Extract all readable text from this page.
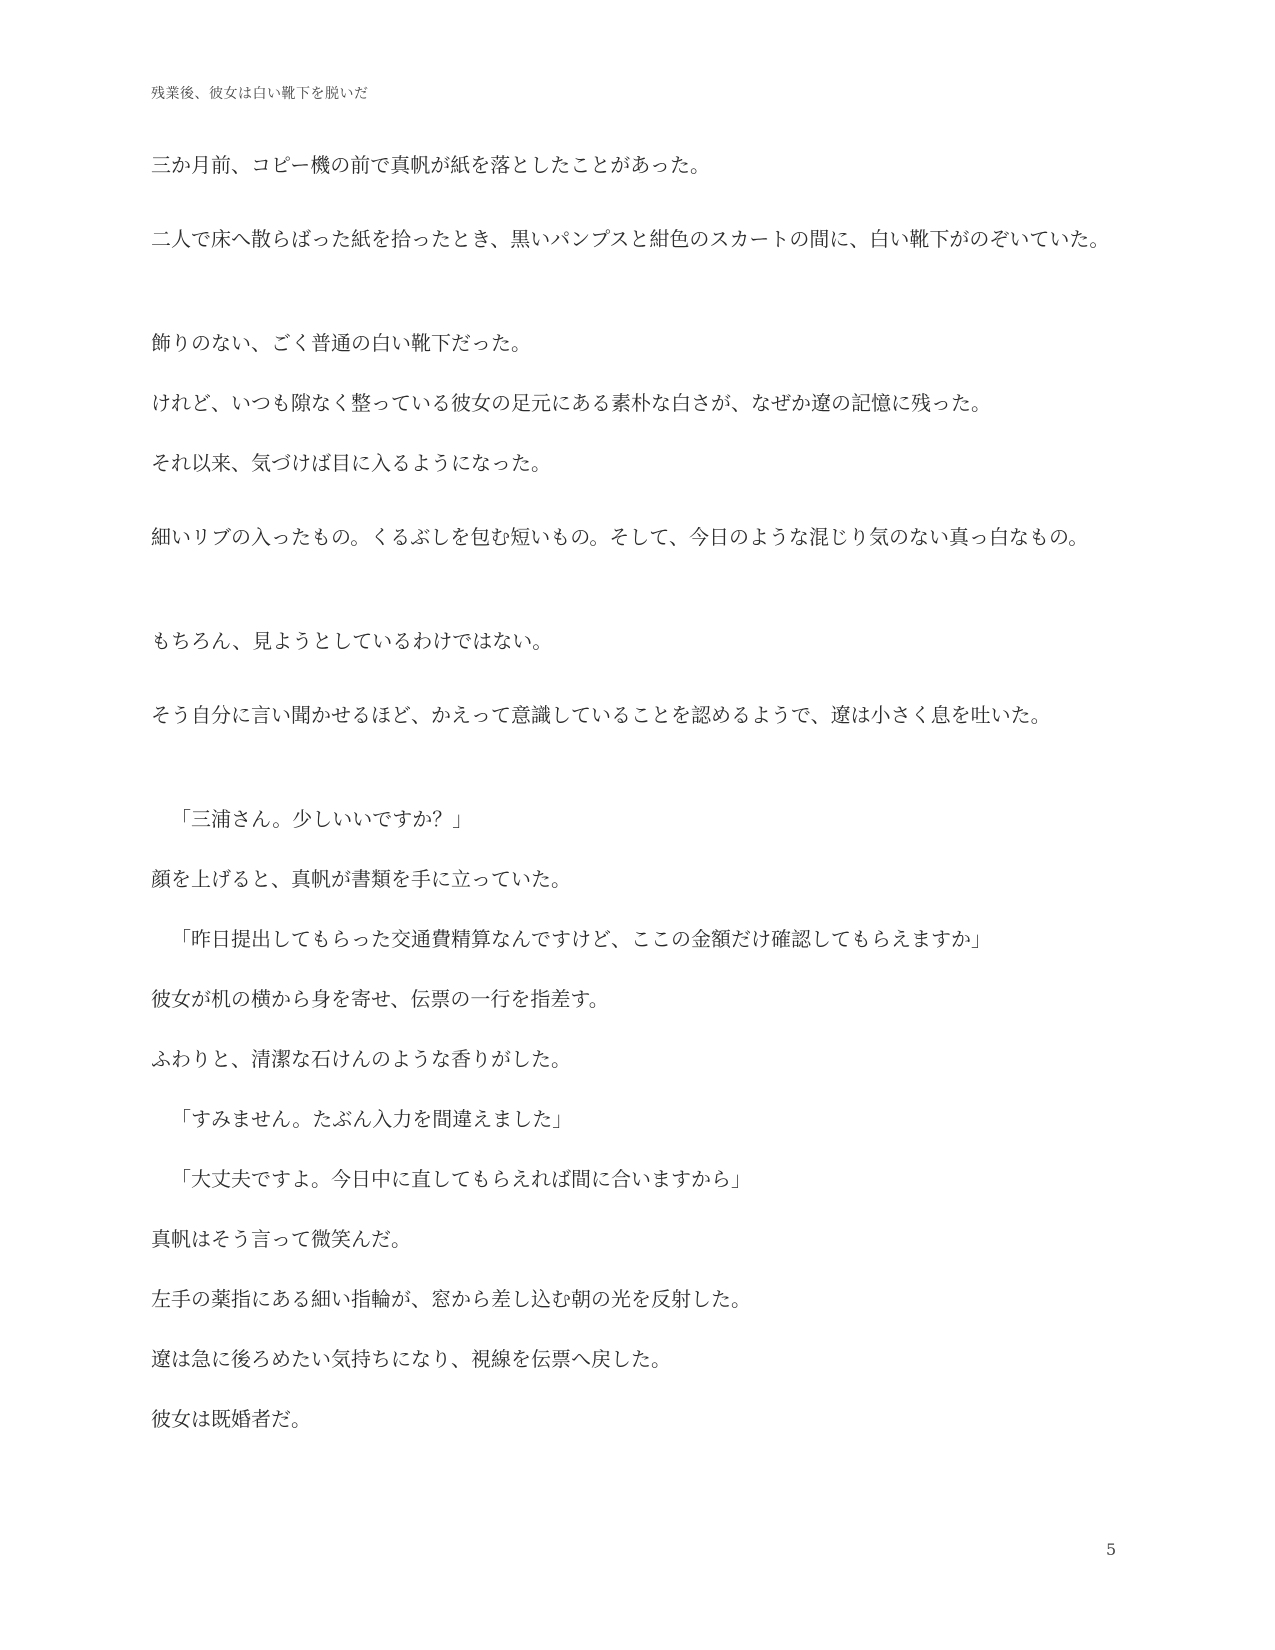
残業後、彼女は白い靴下を脱いだ

三か月前、コピー機の前で真帆が紙を落としたことがあった。

二人で床へ散らばった紙を拾ったとき、黒いパンプスと紺色のスカートの間に、白い靴下がのぞいていた。

飾りのない、ごく普通の白い靴下だった。

けれど、いつも隙なく整っている彼女の足元にある素朴な白さが、なぜか遼の記憶に残った。

それ以来、気づけば目に入るようになった。

細いリブの入ったもの。くるぶしを包む短いもの。そして、今日のような混じり気のない真っ白なもの。

もちろん、見ようとしているわけではない。

そう自分に言い聞かせるほど、かえって意識していることを認めるようで、遼は小さく息を吐いた。

「三浦さん。少しいいですか？」

顔を上げると、真帆が書類を手に立っていた。

「昨日提出してもらった交通費精算なんですけど、ここの金額だけ確認してもらえますか」

彼女が机の横から身を寄せ、伝票の一行を指差す。

ふわりと、清潔な石けんのような香りがした。

「すみません。たぶん入力を間違えました」

「大丈夫ですよ。今日中に直してもらえれば間に合いますから」

真帆はそう言って微笑んだ。

左手の薬指にある細い指輪が、窓から差し込む朝の光を反射した。

遼は急に後ろめたい気持ちになり、視線を伝票へ戻した。

彼女は既婚者だ。

5
